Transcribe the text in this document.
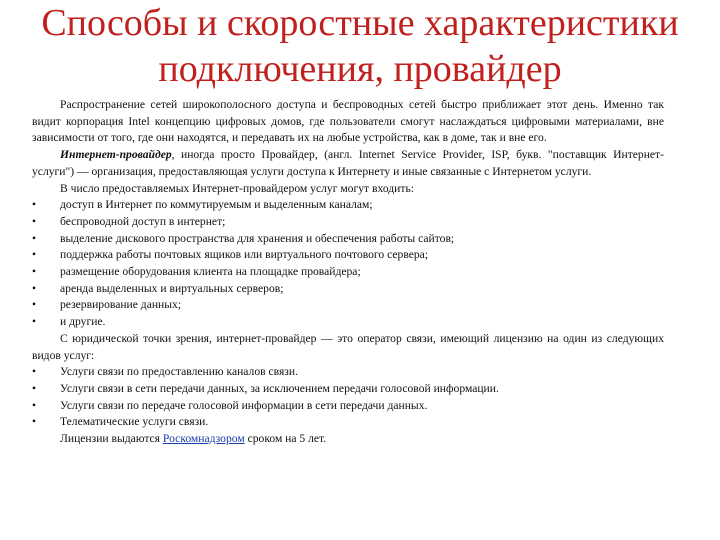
Способы и скоростные характеристики
подключения, провайдер

Распространение сетей широкополосного доступа и беспроводных сетей быстро приближает этот день. Именно так видит корпорация Intel концепцию цифровых домов, где пользователи смогут наслаждаться цифровыми материалами, вне зависимости от того, где они находятся, и передавать их на любые устройства, как в доме, так и вне его.

Интернет-провайдер, иногда просто Провайдер, (англ. Internet Service Provider, ISP, букв. "поставщик Интернет-услуги") — организация, предоставляющая услуги доступа к Интернету и иные связанные с Интернетом услуги.

В число предоставляемых Интернет-провайдером услуг могут входить:

•	доступ в Интернет по коммутируемым и выделенным каналам;
•	беспроводной доступ в интернет;
•	выделение дискового пространства для хранения и обеспечения работы сайтов;
•	поддержка работы почтовых ящиков или виртуального почтового сервера;
•	размещение оборудования клиента на площадке провайдера;
•	аренда выделенных и виртуальных серверов;
•	резервирование данных;
•	и другие.

С юридической точки зрения, интернет-провайдер — это оператор связи, имеющий лицензию на один из следующих видов услуг:

•	Услуги связи по предоставлению каналов связи.
•	Услуги связи в сети передачи данных, за исключением передачи голосовой информации.
•	Услуги связи по передаче голосовой информации в сети передачи данных.
•	Телематические услуги связи.

Лицензии выдаются Роскомнадзором сроком на 5 лет.
